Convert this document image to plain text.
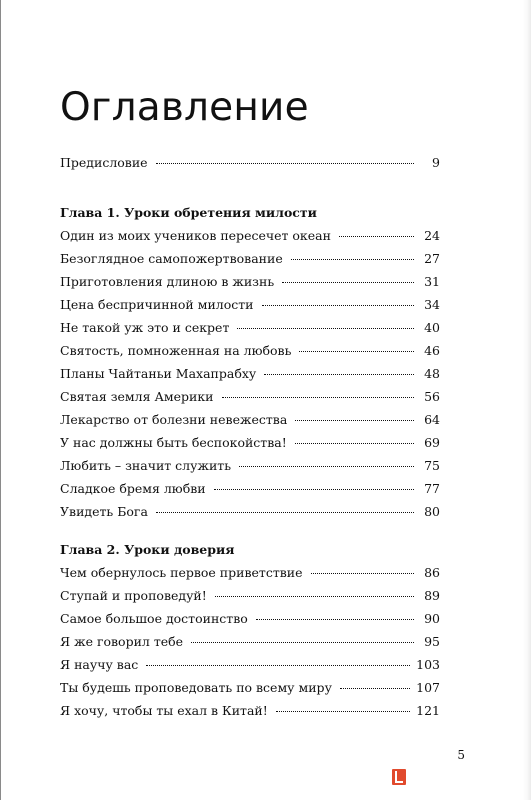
Оглавление
Предисловие	9
Глава 1. Уроки обретения милости
Один из моих учеников пересечет океан	24
Безоглядное самопожертвование	27
Приготовления длиною в жизнь	31
Цена беспричинной милости	34
Не такой уж это и секрет	40
Святость, помноженная на любовь	46
Планы Чайтаньи Махапрабху	48
Святая земля Америки	56
Лекарство от болезни невежества	64
У нас должны быть беспокойства!	69
Любить – значит служить	75
Сладкое бремя любви	77
Увидеть Бога	80
Глава 2. Уроки доверия
Чем обернулось первое приветствие	86
Ступай и проповедуй!	89
Самое большое достоинство	90
Я же говорил тебе	95
Я научу вас	103
Ты будешь проповедовать по всему миру	107
Я хочу, чтобы ты ехал в Китай!	121
5
